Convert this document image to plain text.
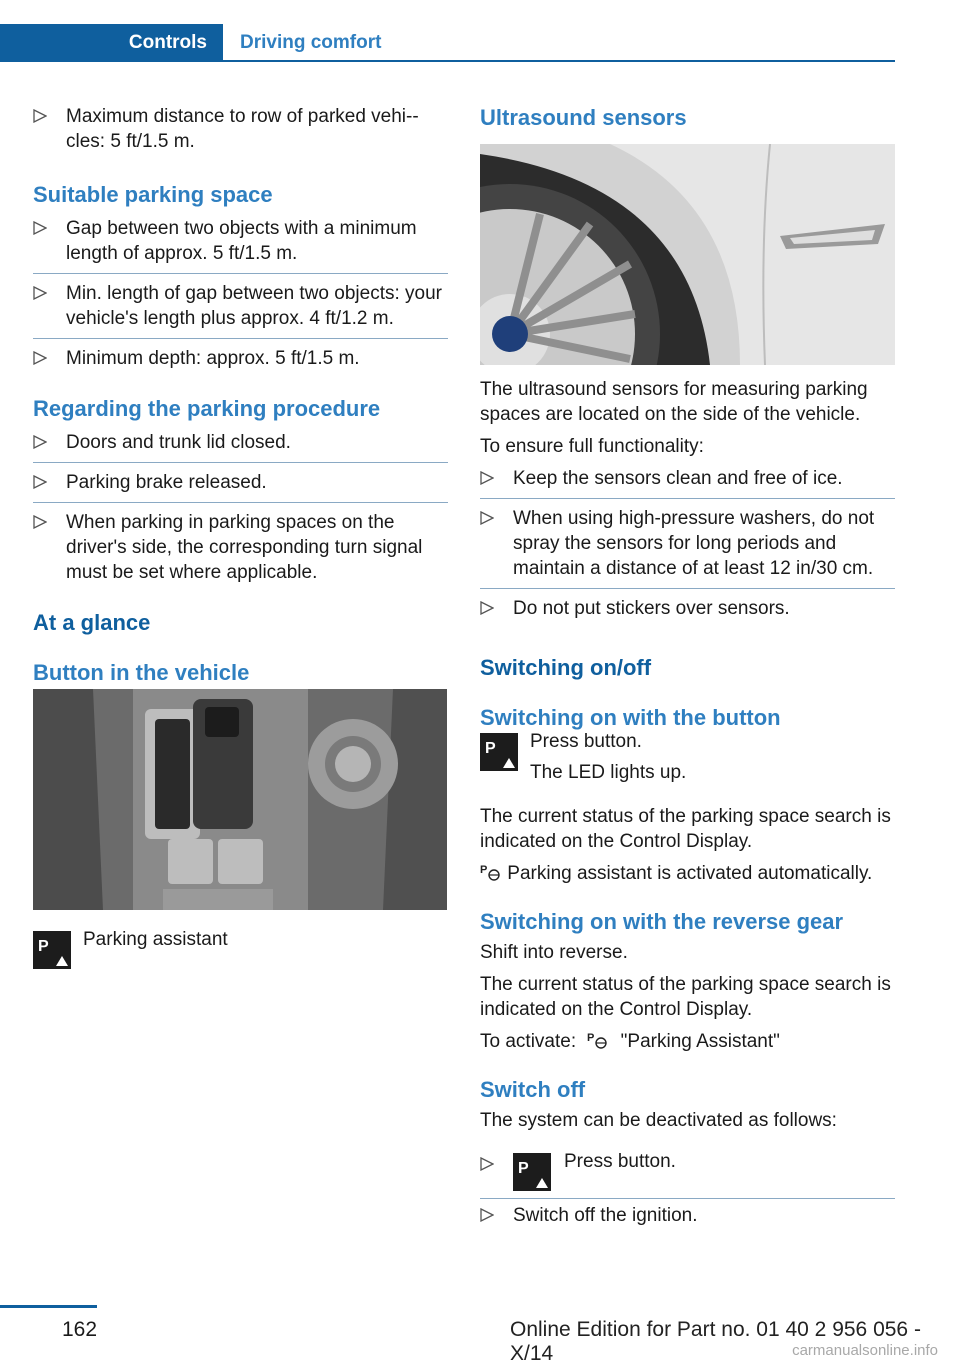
Controls	Driving comfort
Maximum distance to row of parked vehi-cles: 5 ft/1.5 m.
Suitable parking space
Gap between two objects with a minimum length of approx. 5 ft/1.5 m.
Min. length of gap between two objects: your vehicle's length plus approx. 4 ft/1.2 m.
Minimum depth: approx. 5 ft/1.5 m.
Regarding the parking procedure
Doors and trunk lid closed.
Parking brake released.
When parking in parking spaces on the driver's side, the corresponding turn signal must be set where applicable.
At a glance
Button in the vehicle
P Parking assistant
Ultrasound sensors
The ultrasound sensors for measuring parking spaces are located on the side of the vehicle.
To ensure full functionality:
Keep the sensors clean and free of ice.
When using high-pressure washers, do not spray the sensors for long periods and maintain a distance of at least 12 in/30 cm.
Do not put stickers over sensors.
Switching on/off
Switching on with the button
P Press button.
The LED lights up.
The current status of the parking space search is indicated on the Control Display.
P Parking assistant is activated automatically.
Switching on with the reverse gear
Shift into reverse.
The current status of the parking space search is indicated on the Control Display.
To activate: P "Parking Assistant"
Switch off
The system can be deactivated as follows:
P Press button.
Switch off the ignition.
162	Online Edition for Part no. 01 40 2 956 056 - X/14	carmanualsonline.info
